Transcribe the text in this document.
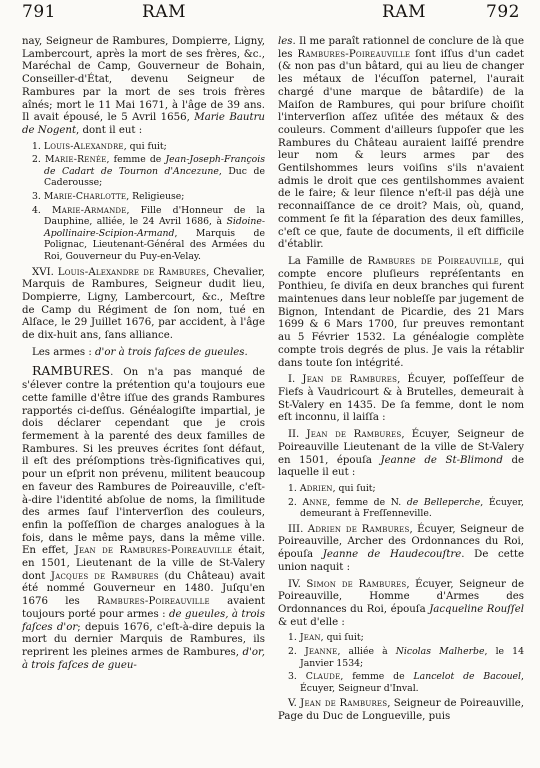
791	RAM	RAM	792

nay, Seigneur de Rambures, Dompierre, Ligny, Lambercourt, après la mort de ses frères, &c., Maréchal de Camp, Gouverneur de Bohain, Conseiller-d'État, devenu Seigneur de Rambures par la mort de ses trois frères aînés; mort le 11 Mai 1671, à l'âge de 39 ans. Il avait épousé, le 5 Avril 1656, Marie Bautru de Nogent, dont il eut :

1. Louis-Alexandre, qui fuit;
2. Marie-Renée, femme de Jean-Joseph-François de Cadart de Tournon d'Ancezune, Duc de Caderousse;
3. Marie-Charlotte, Religieuse;
4. Marie-Armande, Fille d'Honneur de la Dauphine, alliée, le 24 Avril 1686, à Sidoine-Apollinaire-Scipion-Armand, Marquis de Polignac, Lieutenant-Général des Armées du Roi, Gouverneur du Puy-en-Velay.

XVI. Louis-Alexandre de Rambures, Chevalier, Marquis de Rambures, Seigneur dudit lieu, Dompierre, Ligny, Lambercourt, &c., Meſtre de Camp du Régiment de ſon nom, tué en Alſace, le 29 Juillet 1676, par accident, à l'âge de dix-huit ans, ſans alliance.

Les armes : d'or à trois faſces de gueules.

RAMBURES. On n'a pas manqué de s'élever contre la prétention qu'a toujours eue cette famille d'être iſſue des grands Rambures rapportés ci-deſſus. Généalogiſte impartial, je dois déclarer cependant que je crois fermement à la parenté des deux familles de Rambures. Si les preuves écrites ſont défaut, il eſt des préſomptions très-ſignificatives qui, pour un eſprit non prévenu, militent beaucoup en faveur des Rambures de Poireauville, c'eſt-à-dire l'identité abſolue de noms, la ſimilitude des armes ſauf l'interverſion des couleurs, enfin la poſſeſſion de charges analogues à la fois, dans le même pays, dans la même ville. En effet, Jean de Rambures-Poireauville était, en 1501, Lieutenant de la ville de St-Valery dont Jacques de Rambures (du Château) avait été nommé Gouverneur en 1480. Juſqu'en 1676 les Rambures-Poireauville avaient toujours porté pour armes : de gueules, à trois faſces d'or; depuis 1676, c'eſt-à-dire depuis la mort du dernier Marquis de Rambures, ils reprirent les pleines armes de Rambures, d'or, à trois faſces de gueu-

les. Il me paraît rationnel de conclure de là que les Rambures-Poireauville ſont iſſus d'un cadet (& non pas d'un bâtard, qui au lieu de changer les métaux de l'écuſſon paternel, l'aurait chargé d'une marque de bâtardiſe) de la Maiſon de Rambures, qui pour briſure choiſit l'interverſion aſſez uſitée des métaux & des couleurs. Comment d'ailleurs ſuppoſer que les Rambures du Château auraient laiſſé prendre leur nom & leurs armes par des Gentilshommes leurs voiſins s'ils n'avaient admis le droit que ces gentilshommes avaient de le faire; & leur ſilence n'eſt-il pas déjà une reconnaiſſance de ce droit? Mais, où, quand, comment ſe fit la ſéparation des deux familles, c'eſt ce que, faute de documents, il eſt difficile d'établir.

La Famille de Rambures de Poireauville, qui compte encore pluſieurs repréſentants en Ponthieu, ſe diviſa en deux branches qui furent maintenues dans leur nobleſſe par jugement de Bignon, Intendant de Picardie, des 21 Mars 1699 & 6 Mars 1700, ſur preuves remontant au 5 Février 1532. La généalogie complète compte trois degrés de plus. Je vais la rétablir dans toute ſon intégrité.

I. Jean de Rambures, Écuyer, poſſeſſeur de Fiefs à Vaudricourt & à Brutelles, demeurait à St-Valery en 1435. De ſa femme, dont le nom eſt inconnu, il laiſſa :

II. Jean de Rambures, Écuyer, Seigneur de Poireauville Lieutenant de la ville de St-Valery en 1501, épouſa Jeanne de St-Blimond de laquelle il eut :

1. Adrien, qui ſuit;
2. Anne, femme de N. de Belleperche, Écuyer, demeurant à Freſſenneville.

III. Adrien de Rambures, Écuyer, Seigneur de Poireauville, Archer des Ordonnances du Roi, épouſa Jeanne de Haudecouſtre. De cette union naquit :

IV. Simon de Rambures, Écuyer, Seigneur de Poireauville, Homme d'Armes des Ordonnances du Roi, épouſa Jacqueline Rouſſel & eut d'elle :

1. Jean, qui ſuit;
2. Jeanne, alliée à Nicolas Malherbe, le 14 Janvier 1534;
3. Claude, femme de Lancelot de Bacouel, Écuyer, Seigneur d'Inval.

V. Jean de Rambures, Seigneur de Poireauville, Page du Duc de Longueville, puis
